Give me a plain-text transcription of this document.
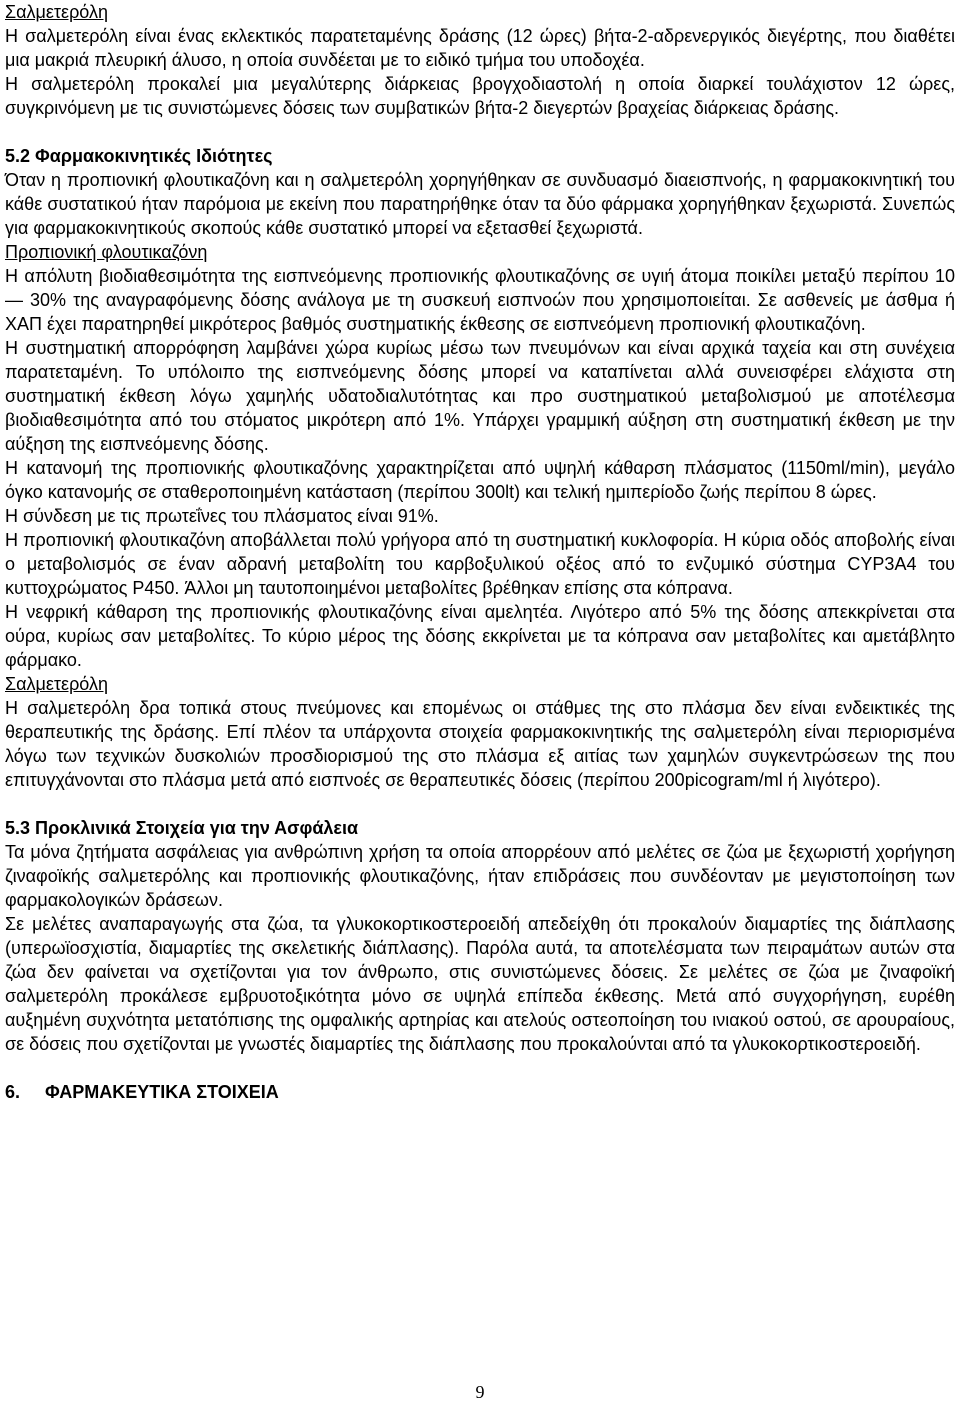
Σαλμετερόλη

Η σαλμετερόλη είναι ένας εκλεκτικός παρατεταμένης δράσης (12 ώρες) βήτα-2-αδρενεργικός διεγέρτης, που διαθέτει μια μακριά πλευρική άλυσο, η οποία συνδέεται με το ειδικό τμήμα του υποδοχέα.

Η σαλμετερόλη προκαλεί μια μεγαλύτερης διάρκειας βρογχοδιαστολή η οποία διαρκεί τουλάχιστον 12 ώρες, συγκρινόμενη με τις συνιστώμενες δόσεις των συμβατικών βήτα-2 διεγερτών βραχείας διάρκειας δράσης.

5.2 Φαρμακοκινητικές Ιδιότητες

Όταν η προπιονική φλουτικαζόνη και η σαλμετερόλη χορηγήθηκαν σε συνδυασμό διαεισπνοής, η φαρμακοκινητική του κάθε συστατικού ήταν παρόμοια με εκείνη που παρατηρήθηκε όταν τα δύο φάρμακα χορηγήθηκαν ξεχωριστά. Συνεπώς για φαρμακοκινητικούς σκοπούς κάθε συστατικό μπορεί να εξετασθεί ξεχωριστά.

Προπιονική φλουτικαζόνη

Η απόλυτη βιοδιαθεσιμότητα της εισπνεόμενης προπιονικής φλουτικαζόνης σε υγιή άτομα ποικίλει μεταξύ περίπου 10 — 30% της αναγραφόμενης δόσης ανάλογα με τη συσκευή εισπνοών που χρησιμοποιείται. Σε ασθενείς με άσθμα ή ΧΑΠ έχει παρατηρηθεί μικρότερος βαθμός συστηματικής έκθεσης σε εισπνεόμενη προπιονική φλουτικαζόνη.

Η συστηματική απορρόφηση λαμβάνει χώρα κυρίως μέσω των πνευμόνων και είναι αρχικά ταχεία και στη συνέχεια παρατεταμένη. Το υπόλοιπο της εισπνεόμενης δόσης μπορεί να καταπίνεται αλλά συνεισφέρει ελάχιστα στη συστηματική έκθεση λόγω χαμηλής υδατοδιαλυτότητας και προ συστηματικού μεταβολισμού με αποτέλεσμα βιοδιαθεσιμότητα από του στόματος μικρότερη από 1%. Υπάρχει γραμμική αύξηση στη συστηματική έκθεση με την αύξηση της εισπνεόμενης δόσης.

Η κατανομή της προπιονικής φλουτικαζόνης χαρακτηρίζεται από υψηλή κάθαρση πλάσματος (1150ml/min), μεγάλο όγκο κατανομής σε σταθεροποιημένη κατάσταση (περίπου 300lt) και τελική ημιπερίοδο ζωής περίπου 8 ώρες.

Η σύνδεση με τις πρωτεΐνες του πλάσματος είναι 91%.

Η προπιονική φλουτικαζόνη αποβάλλεται πολύ γρήγορα από τη συστηματική κυκλοφορία. Η κύρια οδός αποβολής είναι ο μεταβολισμός σε έναν αδρανή μεταβολίτη του καρβοξυλικού οξέος από το ενζυμικό σύστημα CYP3A4 του κυττοχρώματος P450. Άλλοι μη ταυτοποιημένοι μεταβολίτες βρέθηκαν επίσης στα κόπρανα.

Η νεφρική κάθαρση της προπιονικής φλουτικαζόνης είναι αμελητέα. Λιγότερο από 5% της δόσης απεκκρίνεται στα ούρα, κυρίως σαν μεταβολίτες. Το κύριο μέρος της δόσης εκκρίνεται με τα κόπρανα σαν μεταβολίτες και αμετάβλητο φάρμακο.

Σαλμετερόλη

Η σαλμετερόλη δρα τοπικά στους πνεύμονες και επομένως οι στάθμες της στο πλάσμα δεν είναι ενδεικτικές της θεραπευτικής της δράσης. Επί πλέον τα υπάρχοντα στοιχεία φαρμακοκινητικής της σαλμετερόλη είναι περιορισμένα λόγω των τεχνικών δυσκολιών προσδιορισμού της στο πλάσμα εξ αιτίας των χαμηλών συγκεντρώσεων της που επιτυγχάνονται στο πλάσμα μετά από εισπνοές σε θεραπευτικές δόσεις (περίπου 200picogram/ml ή λιγότερο).

5.3 Προκλινικά Στοιχεία για την Ασφάλεια

Τα μόνα ζητήματα ασφάλειας για ανθρώπινη χρήση τα οποία απορρέουν από μελέτες σε ζώα με ξεχωριστή χορήγηση ζιναφοϊκής σαλμετερόλης και προπιονικής φλουτικαζόνης, ήταν επιδράσεις που συνδέονταν με μεγιστοποίηση των φαρμακολογικών δράσεων.

Σε μελέτες αναπαραγωγής στα ζώα, τα γλυκοκορτικοστεροειδή απεδείχθη ότι προκαλούν διαμαρτίες της διάπλασης (υπερωϊοσχιστία, διαμαρτίες της σκελετικής διάπλασης). Παρόλα αυτά, τα αποτελέσματα των πειραμάτων αυτών στα ζώα δεν φαίνεται να σχετίζονται για τον άνθρωπο, στις συνιστώμενες δόσεις. Σε μελέτες σε ζώα με ζιναφοϊκή σαλμετερόλη προκάλεσε εμβρυοτοξικότητα μόνο σε υψηλά επίπεδα έκθεσης. Μετά από συγχορήγηση, ευρέθη αυξημένη συχνότητα μετατόπισης της ομφαλικής αρτηρίας και ατελούς οστεοποίηση του ινιακού οστού, σε αρουραίους, σε δόσεις που σχετίζονται με γνωστές διαμαρτίες της διάπλασης που προκαλούνται από τα γλυκοκορτικοστεροειδή.

6. ΦΑΡΜΑΚΕΥΤΙΚΑ ΣΤΟΙΧΕΙΑ
9
